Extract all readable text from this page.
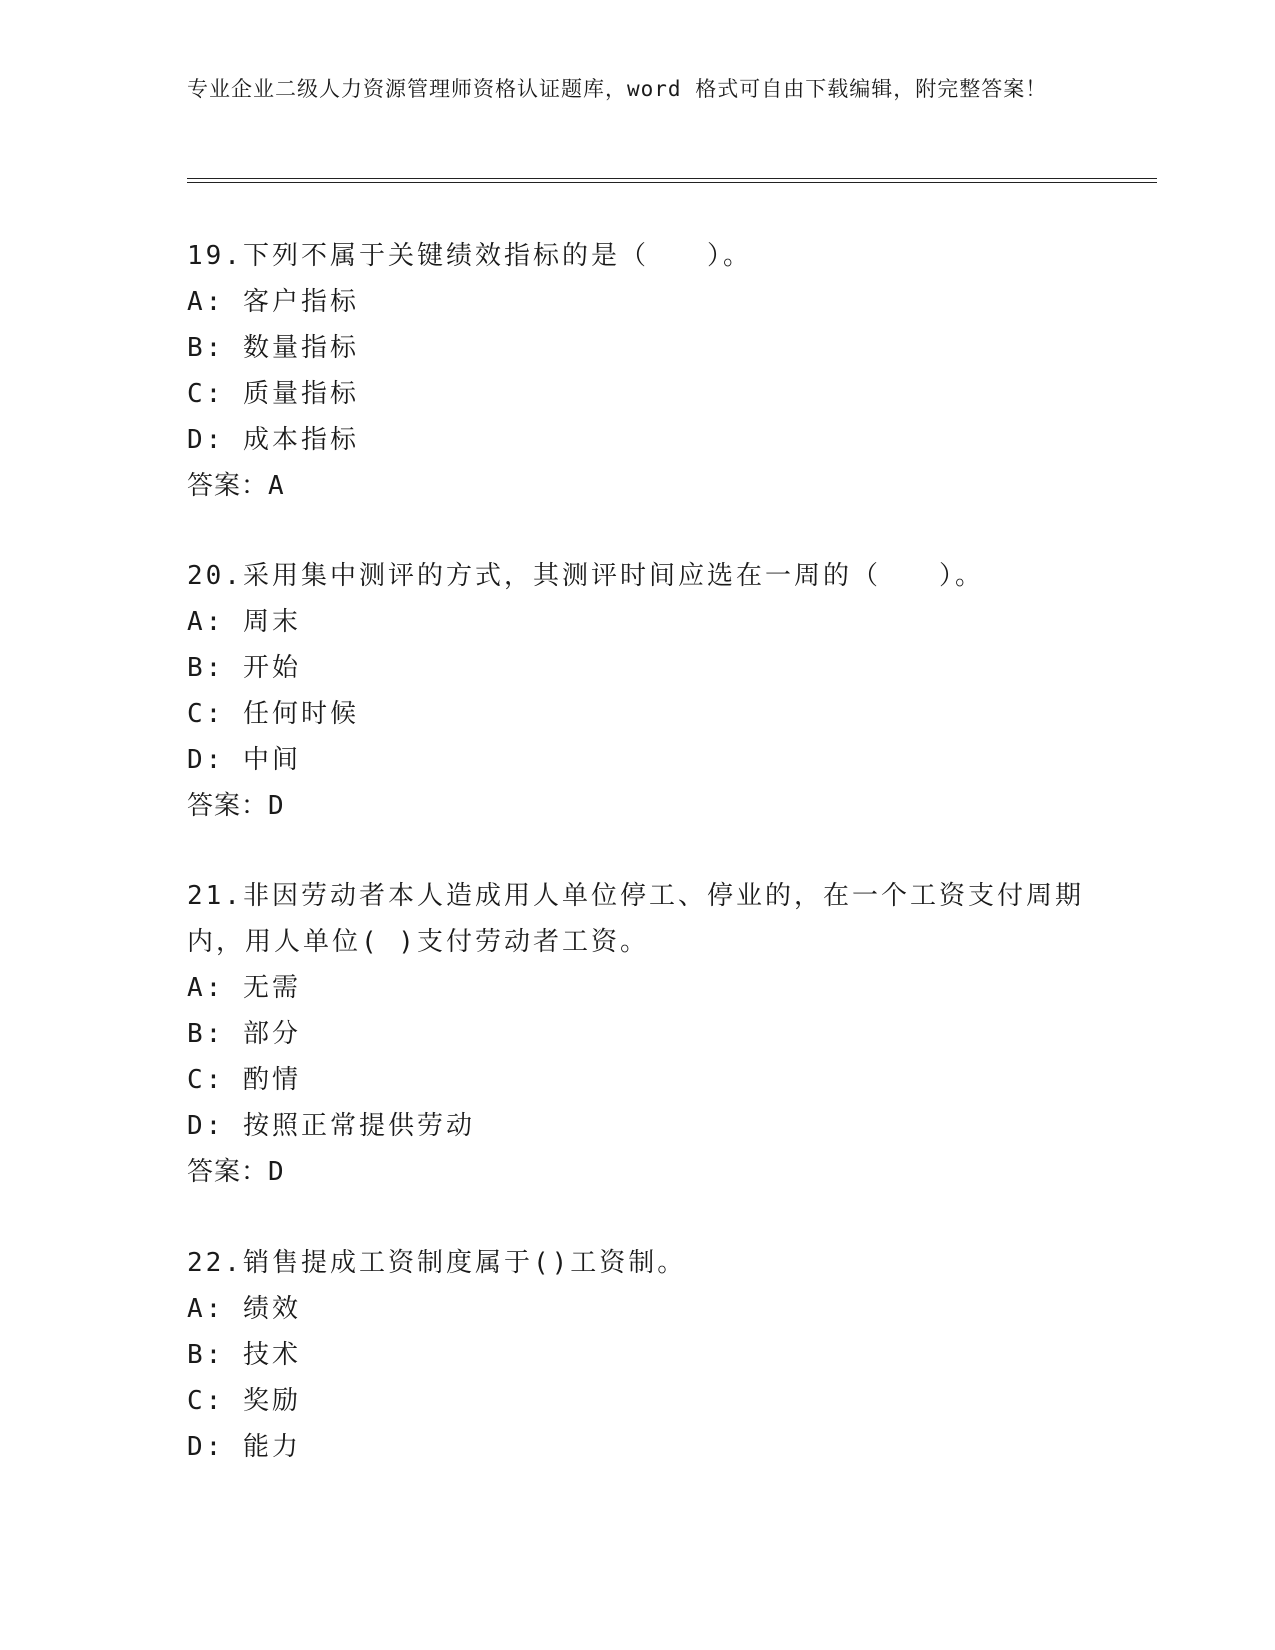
专业企业二级人力资源管理师资格认证题库，word 格式可自由下载编辑，附完整答案！

19.下列不属于关键绩效指标的是（　　）。

A: 客户指标

B: 数量指标

C: 质量指标

D: 成本指标

答案：A

20.采用集中测评的方式，其测评时间应选在一周的（　　）。

A: 周末

B: 开始

C: 任何时候

D: 中间

答案：D

21.非因劳动者本人造成用人单位停工、停业的，在一个工资支付周期内，用人单位( )支付劳动者工资。

A: 无需

B: 部分

C: 酌情

D: 按照正常提供劳动

答案：D

22.销售提成工资制度属于()工资制。

A: 绩效

B: 技术

C: 奖励

D: 能力
